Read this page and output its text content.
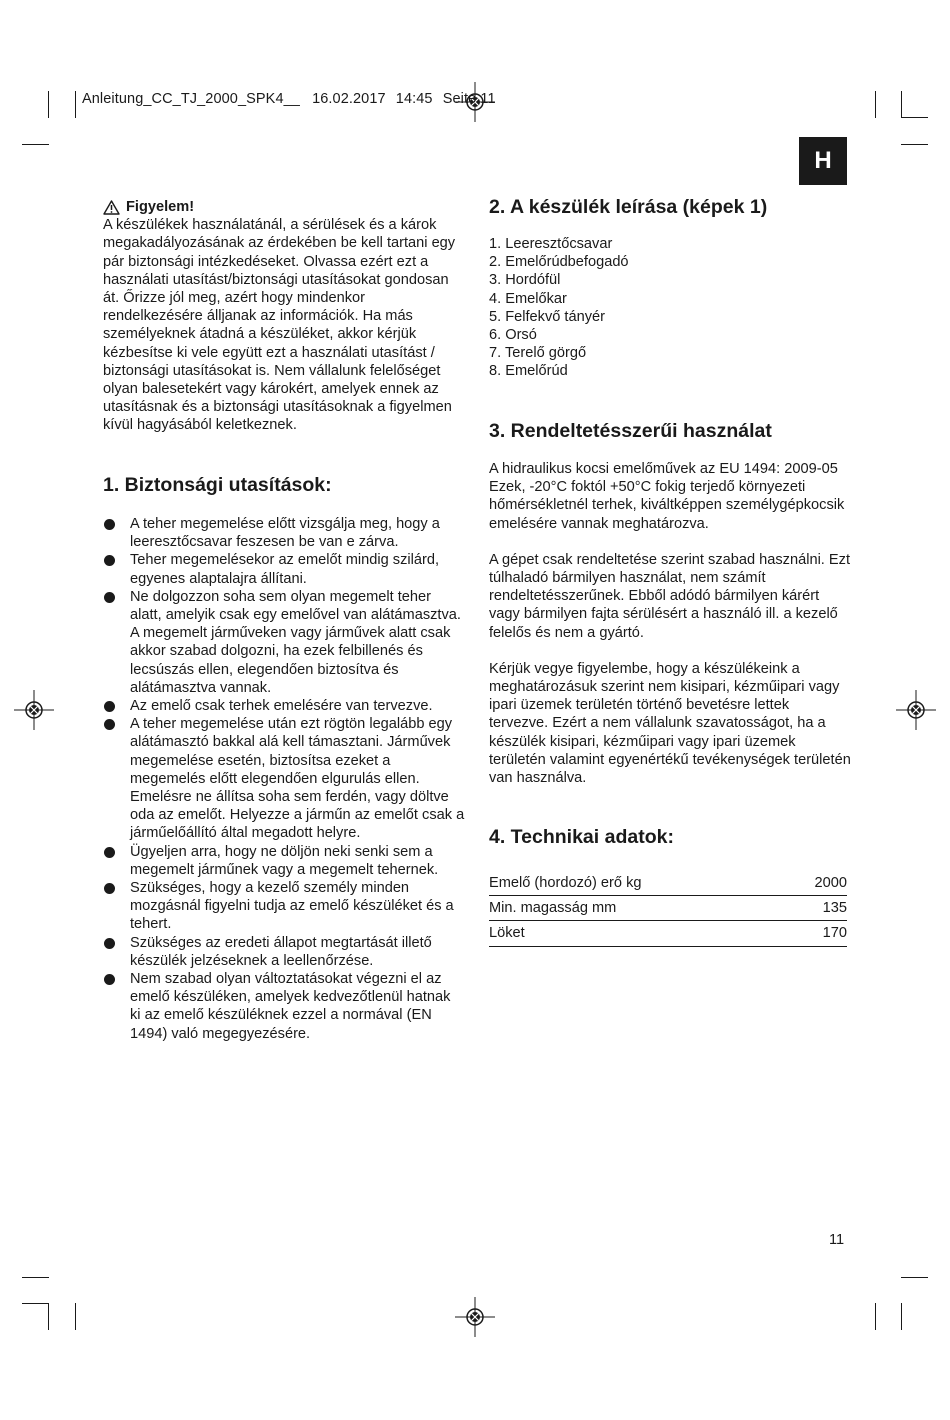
Anleitung_CC_TJ_2000_SPK4__ 16.02.2017 14:45 Seite 11
H
Figyelem!

A készülékek használatánál, a sérülések és a károk megakadályozásának az érdekében be kell tartani egy pár biztonsági intézkedéseket. Olvassa ezért ezt a használati utasítást/biztonsági utasításokat gondosan át. Őrizze jól meg, azért hogy mindenkor rendelkezésére álljanak az információk. Ha más személyeknek átadná a készüléket, akkor kérjük kézbesítse ki vele együtt ezt a használati utasítást / biztonsági utasításokat is. Nem vállalunk felelőséget olyan balesetekért vagy károkért, amelyek ennek az utasításnak és a biztonsági utasításoknak a figyelmen kívül hagyásából keletkeznek.

1. Biztonsági utasítások:
A teher megemelése előtt vizsgálja meg, hogy a leeresztőcsavar feszesen be van e zárva.
Teher megemelésekor az emelőt mindig szilárd, egyenes alaptalajra állítani.
Ne dolgozzon soha sem olyan megemelt teher alatt, amelyik csak egy emelővel van alátámasztva. A megemelt járműveken vagy járművek alatt csak akkor szabad dolgozni, ha ezek felbillenés és lecsúszás ellen, elegendően biztosítva és alátámasztva vannak.
Az emelő csak terhek emelésére van tervezve.
A teher megemelése után ezt rögtön legalább egy alátámasztó bakkal alá kell támasztani. Járművek megemelése esetén, biztosítsa ezeket a megemelés előtt elegendően elgurulás ellen. Emelésre ne állítsa soha sem ferdén, vagy döltve oda az emelőt. Helyezze a járműn az emelőt csak a járműelőállító által megadott helyre.
Ügyeljen arra, hogy ne döljön neki senki sem a megemelt járműnek vagy a megemelt tehernek.
Szükséges, hogy a kezelő személy minden mozgásnál figyelni tudja az emelő készüléket és a tehert.
Szükséges az eredeti állapot megtartását illető készülék jelzéseknek a leellenőrzése.
Nem szabad olyan változtatásokat végezni el az emelő készüléken, amelyek kedvezőtlenül hatnak ki az emelő készüléknek ezzel a normával (EN 1494) való megegyezésére.
2. A készülék leírása (képek 1)
1. Leeresztőcsavar
2. Emelőrúdbefogadó
3. Hordófül
4. Emelőkar
5. Felfekvő tányér
6. Orsó
7. Terelő görgő
8. Emelőrúd
3. Rendeltetésszerűi használat

A hidraulikus kocsi emelőművek az EU 1494: 2009-05 Ezek, -20°C foktól +50°C fokig terjedő környezeti hőmérsékletnél terhek, kiváltképpen személygépkocsik emelésére vannak meghatározva.

A gépet csak rendeltetése szerint szabad használni. Ezt túlhaladó bármilyen használat, nem számít rendeltetésszerűnek. Ebből adódó bármilyen kárért vagy bármilyen fajta sérülésért a használó ill. a kezelő felelős és nem a gyártó.

Kérjük vegye figyelembe, hogy a készülékeink a meghatározásuk szerint nem kisipari, kézműipari vagy ipari üzemek területén történő bevetésre lettek tervezve. Ezért a nem vállalunk szavatosságot, ha a készülék kisipari, kézműipari vagy ipari üzemek területén valamint egyenértékű tevékenységek területén van használva.

4. Technikai adatok:
Emelő (hordozó) erő kg	2000
Min. magasság mm	135
Löket	170
11
